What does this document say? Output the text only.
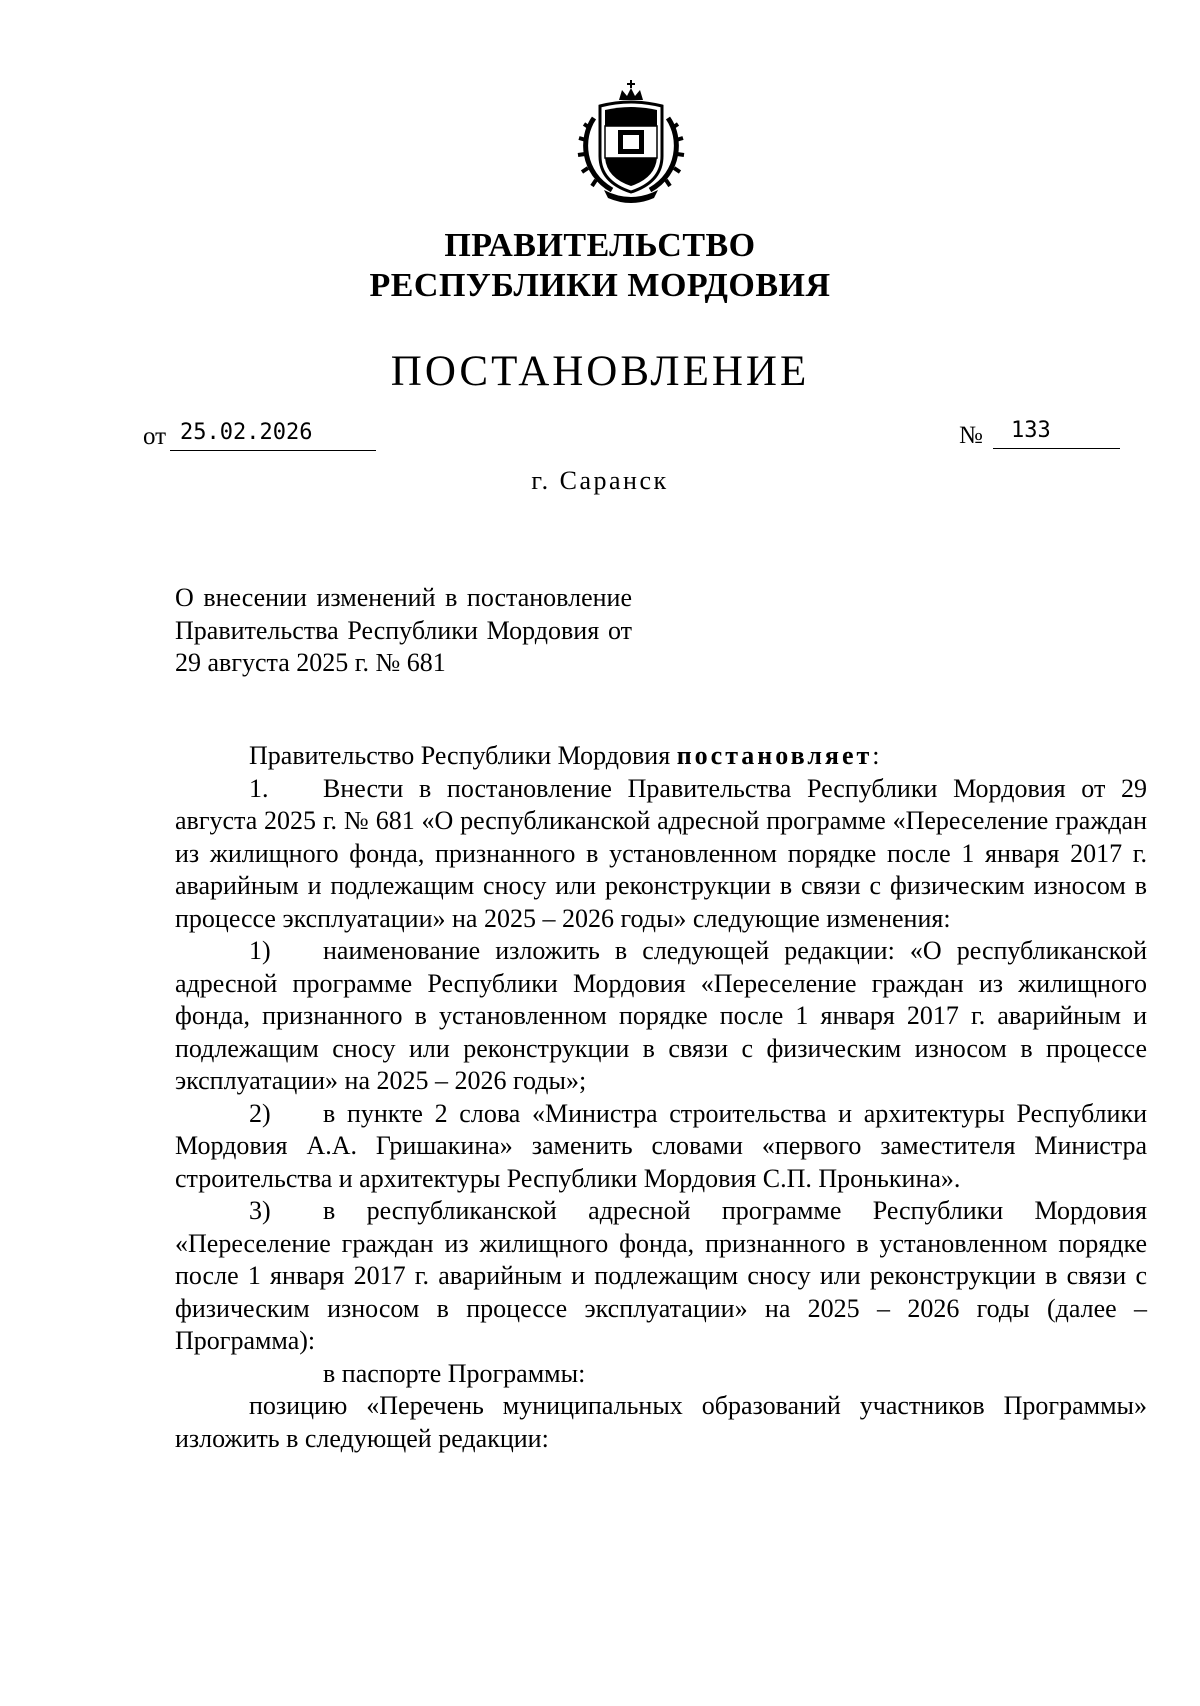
ПРАВИТЕЛЬСТВО
РЕСПУБЛИКИ МОРДОВИЯ
ПОСТАНОВЛЕНИЕ
от 25.02.2026	№ 133
г. Саранск
О внесении изменений в постановление Правительства Республики Мордовия от 29 августа 2025 г. № 681

Правительство Республики Мордовия постановляет:

1. Внести в постановление Правительства Республики Мордовия от 29 августа 2025 г. № 681 «О республиканской адресной программе «Переселение граждан из жилищного фонда, признанного в установленном порядке после 1 января 2017 г. аварийным и подлежащим сносу или реконструкции в связи с физическим износом в процессе эксплуатации» на 2025 – 2026 годы» следующие изменения:

1) наименование изложить в следующей редакции: «О республиканской адресной программе Республики Мордовия «Переселение граждан из жилищного фонда, признанного в установленном порядке после 1 января 2017 г. аварийным и подлежащим сносу или реконструкции в связи с физическим износом в процессе эксплуатации» на 2025 – 2026 годы»;

2) в пункте 2 слова «Министра строительства и архитектуры Республики Мордовия А.А. Гришакина» заменить словами «первого заместителя Министра строительства и архитектуры Республики Мордовия С.П. Пронькина».

3) в республиканской адресной программе Республики Мордовия «Переселение граждан из жилищного фонда, признанного в установленном порядке после 1 января 2017 г. аварийным и подлежащим сносу или реконструкции в связи с физическим износом в процессе эксплуатации» на 2025 – 2026 годы (далее – Программа):

в паспорте Программы:

позицию «Перечень муниципальных образований участников Программы» изложить в следующей редакции:
